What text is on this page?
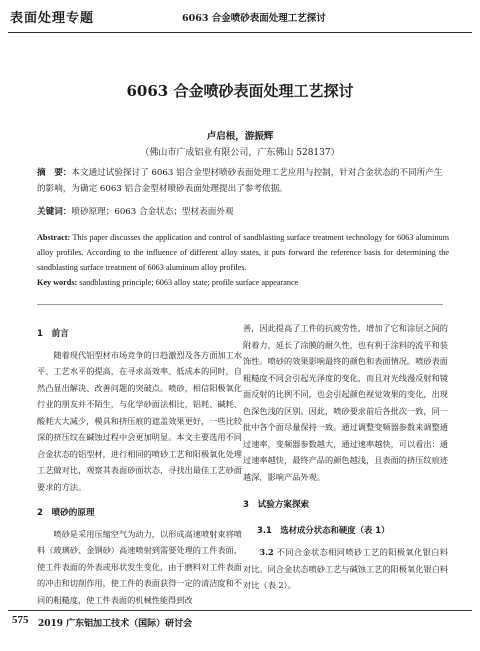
表面处理专题	6063 合金喷砂表面处理工艺探讨
6063 合金喷砂表面处理工艺探讨
卢启根，游振辉
（佛山市广成铝业有限公司，广东佛山 528137）
摘　要：本文通过试验探讨了 6063 铝合金型材喷砂表面处理工艺应用与控制，针对合金状态的不同所产生的影响，为确定 6063 铝合金型材喷砂表面处理提出了参考依据。
关键词：喷砂原理；6063 合金状态；型材表面外观
Abstract: This paper discusses the application and control of sandblasting surface treatment technology for 6063 aluminum alloy profiles. According to the influence of different alloy states, it puts forward the reference basis for determining the sandblasting surface treatment of 6063 aluminum alloy profiles.
Key words: sandblasting principle; 6063 alloy state; profile surface appearance
1　前言

随着现代铝型材市场竞争的日趋激烈及各方面加工水平、工艺水平的提高，在寻求高效率、低成本的同时，自然凸显出解决、改善问题的突破点。喷砂，相信阳极氧化行业的朋友并不陌生，与化学砂面法相比，铝耗、碱耗、酸耗大大减少，模具和挤压痕的遮盖效果更好，一些比较深的挤压纹在碱蚀过程中会更加明显。本文主要选用不同合金状态的铝型材，进行相同的喷砂工艺和阳极氧化处理工艺做对比，观察其表面砂面状态，寻找出最佳工艺砂面要求的方法。

2　喷砂的原理

喷砂是采用压缩空气为动力，以形成高速喷射束将喷料（玻璃砂、金钢砂）高速喷射到需要处理的工件表面，使工件表面的外表或形状发生变化，由于磨料对工件表面的冲击和切削作用，使工件的表面获得一定的清洁度和不同的粗糙度，使工件表面的机械性能得到改

善，因此提高了工件的抗疲劳性，增加了它和涂层之间的附着力，延长了涂膜的耐久性，也有利于涂料的流平和装饰性。喷砂的效果影响最终的颜色和表面情况。喷砂表面粗糙度不同会引起光泽度的变化，而且对光线漫反射和镜面反射的比例不同，也会引起颜色视觉效果的变化，出现色深色浅的区别。因此，喷砂要求前后各批次一致，同一批中各个面尽量保持一致。通过调整变频器参数来调整通过速率，变频器参数越大，通过速率越快，可以看出：通过速率越快，最终产品的颜色越浅，且表面的挤压纹痕迹越深，影响产品外观。

3　试验方案探索
3.1　选材成分状态和硬度（表 1）

3.2 不同合金状态相同喷砂工艺的阳极氧化银白料对比。同合金状态喷砂工艺与碱蚀工艺的阳极氧化银白料对比（表 2）。

575 2019 广东铝加工技术（国际）研讨会
